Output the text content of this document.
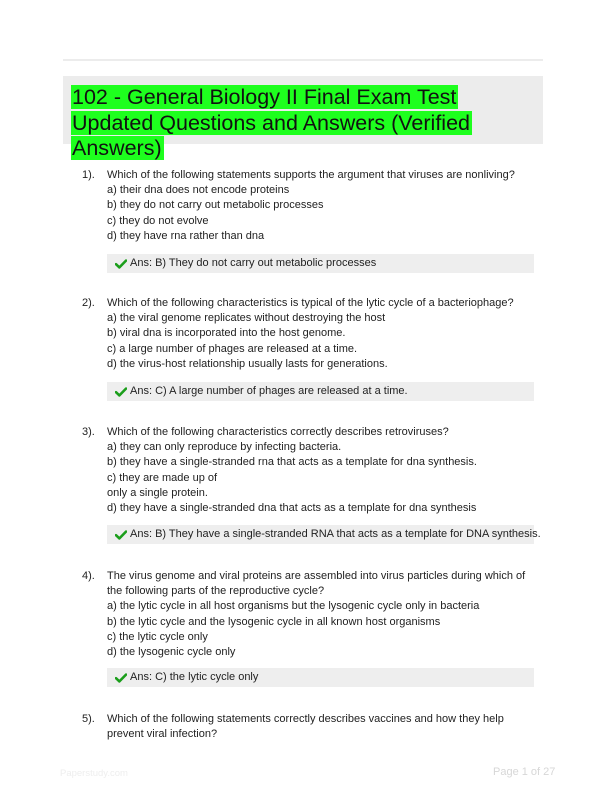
102 - General Biology II Final Exam Test Updated Questions and Answers (Verified Answers)
1). Which of the following statements supports the argument that viruses are nonliving?
a) their dna does not encode proteins
b) they do not carry out metabolic processes
c) they do not evolve
d) they have rna rather than dna
Ans: B) They do not carry out metabolic processes
2). Which of the following characteristics is typical of the lytic cycle of a bacteriophage?
a) the viral genome replicates without destroying the host
b) viral dna is incorporated into the host genome.
c) a large number of phages are released at a time.
d) the virus-host relationship usually lasts for generations.
Ans: C) A large number of phages are released at a time.
3). Which of the following characteristics correctly describes retroviruses?
a) they can only reproduce by infecting bacteria.
b) they have a single-stranded rna that acts as a template for dna synthesis.
c) they are made up of
only a single protein.
d) they have a single-stranded dna that acts as a template for dna synthesis
Ans: B) They have a single-stranded RNA that acts as a template for DNA synthesis.
4). The virus genome and viral proteins are assembled into virus particles during which of the following parts of the reproductive cycle?
a) the lytic cycle in all host organisms but the lysogenic cycle only in bacteria
b) the lytic cycle and the lysogenic cycle in all known host organisms
c) the lytic cycle only
d) the lysogenic cycle only
Ans: C) the lytic cycle only
5). Which of the following statements correctly describes vaccines and how they help prevent viral infection?
Paperstudy.com	Page 1 of 27
